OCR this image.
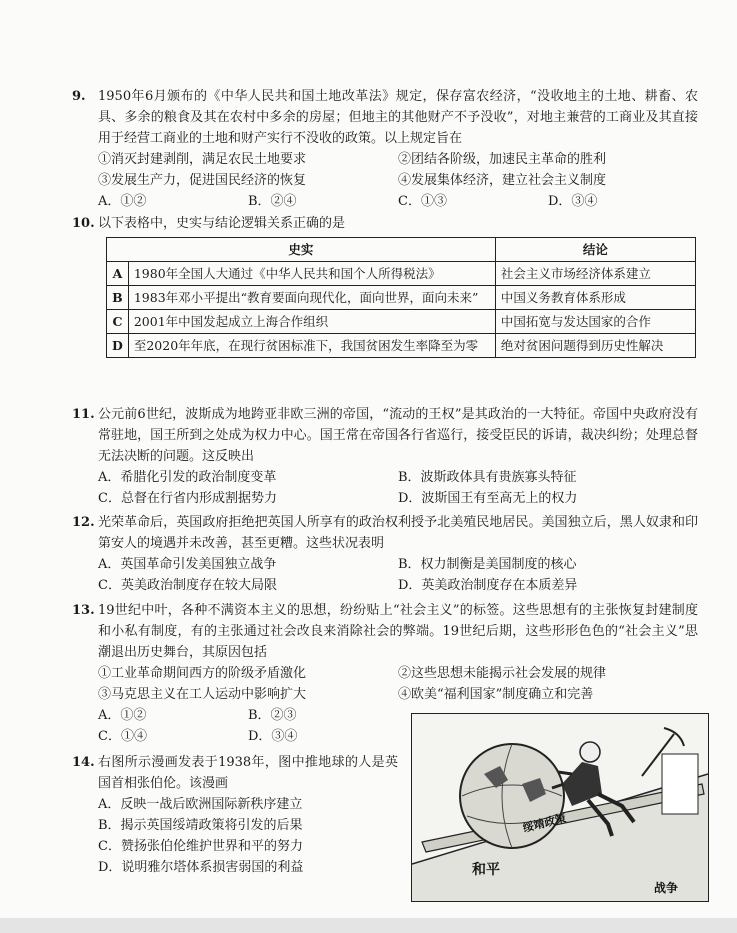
9. 1950年6月颁布的《中华人民共和国土地改革法》规定，保存富农经济，“没收地主的土地、耕畜、农具、多余的粮食及其在农村中多余的房屋；但地主的其他财产不予没收”，对地主兼营的工商业及其直接用于经营工商业的土地和财产实行不没收的政策。以上规定旨在
①消灭封建剥削，满足农民土地要求	②团结各阶级，加速民主革命的胜利
③发展生产力，促进国民经济的恢复	④发展集体经济，建立社会主义制度
A．①②	B．②④	C．①③	D．③④
10. 以下表格中，史实与结论逻辑关系正确的是
史实		结论
A	1980年全国人大通过《中华人民共和国个人所得税法》	社会主义市场经济体系建立
B	1983年邓小平提出“教育要面向现代化，面向世界，面向未来”	中国义务教育体系形成
C	2001年中国发起成立上海合作组织	中国拓宽与发达国家的合作
D	至2020年年底，在现行贫困标准下，我国贫困发生率降至为零	绝对贫困问题得到历史性解决
11. 公元前6世纪，波斯成为地跨亚非欧三洲的帝国，“流动的王权”是其政治的一大特征。帝国中央政府没有常驻地，国王所到之处成为权力中心。国王常在帝国各行省巡行，接受臣民的诉请，裁决纠纷；处理总督无法决断的问题。这反映出
A．希腊化引发的政治制度变革	B．波斯政体具有贵族寡头特征
C．总督在行省内形成割据势力	D．波斯国王有至高无上的权力
12. 光荣革命后，英国政府拒绝把英国人所享有的政治权利授予北美殖民地居民。美国独立后，黑人奴隶和印第安人的境遇并未改善，甚至更糟。这些状况表明
A．英国革命引发美国独立战争	B．权力制衡是美国制度的核心
C．英美政治制度存在较大局限	D．英美政治制度存在本质差异
13. 19世纪中叶，各种不满资本主义的思想，纷纷贴上“社会主义”的标签。这些思想有的主张恢复封建制度和小私有制度，有的主张通过社会改良来消除社会的弊端。19世纪后期，这些形形色色的“社会主义”思潮退出历史舞台，其原因包括
①工业革命期间西方的阶级矛盾激化	②这些思想未能揭示社会发展的规律
③马克思主义在工人运动中影响扩大	④欧美“福利国家”制度确立和完善
A．①②	B．②③
C．①④	D．③④
14. 右图所示漫画发表于1938年，图中推地球的人是英国首相张伯伦。该漫画
A．反映一战后欧洲国际新秩序建立
B．揭示英国绥靖政策将引发的后果
C．赞扬张伯伦维护世界和平的努力
D．说明雅尔塔体系损害弱国的利益
绥靖政策
和平
战争
